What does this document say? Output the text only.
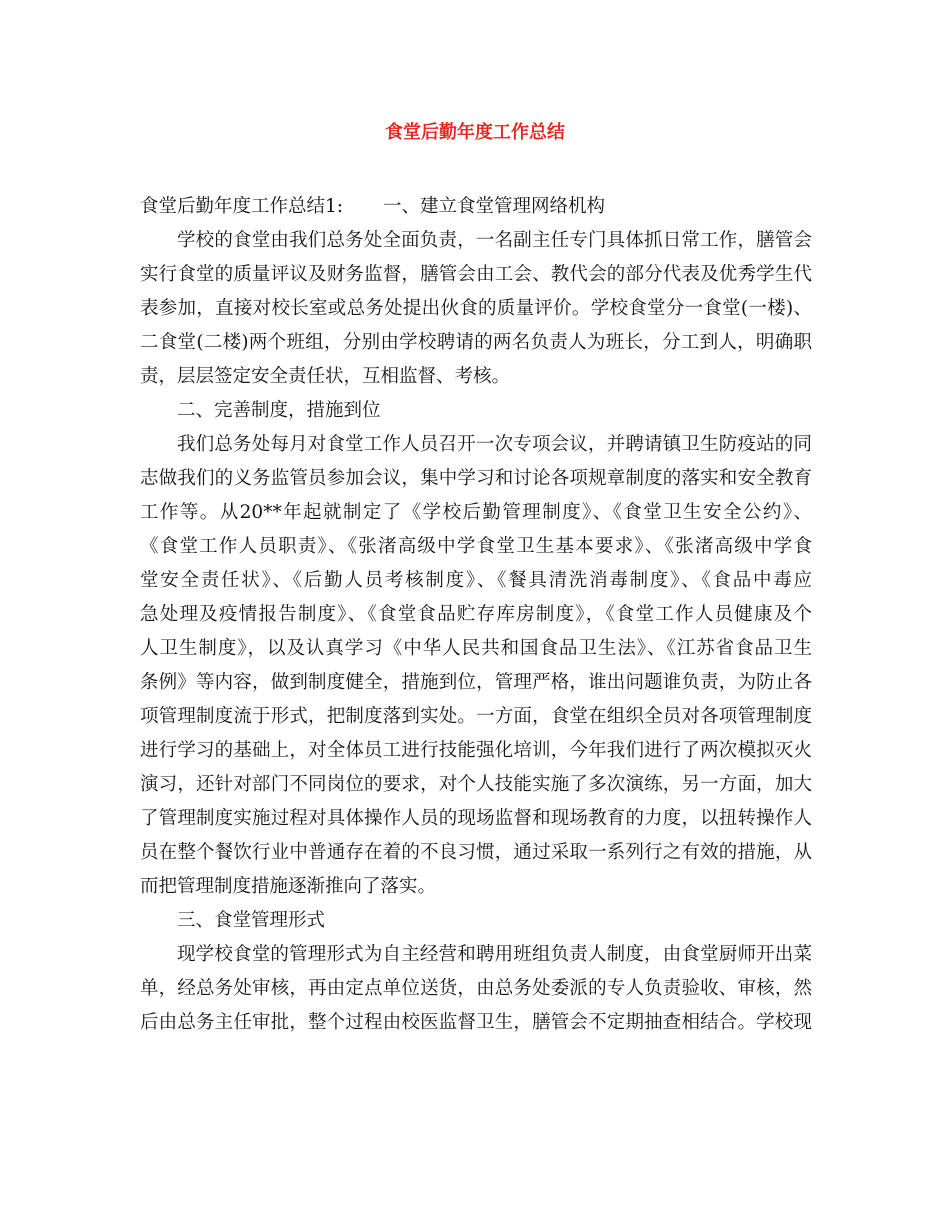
食堂后勤年度工作总结
食堂后勤年度工作总结1: 一、建立食堂管理网络机构
学校的食堂由我们总务处全面负责，一名副主任专门具体抓日常工作，膳管会
实行食堂的质量评议及财务监督，膳管会由工会、教代会的部分代表及优秀学生代
表参加，直接对校长室或总务处提出伙食的质量评价。学校食堂分一食堂(一楼)、
二食堂(二楼)两个班组，分别由学校聘请的两名负责人为班长，分工到人，明确职
责，层层签定安全责任状，互相监督、考核。
二、完善制度，措施到位
我们总务处每月对食堂工作人员召开一次专项会议，并聘请镇卫生防疫站的同
志做我们的义务监管员参加会议，集中学习和讨论各项规章制度的落实和安全教育
工作等。从20**年起就制定了《学校后勤管理制度》、《食堂卫生安全公约》、
《食堂工作人员职责》、《张渚高级中学食堂卫生基本要求》、《张渚高级中学食
堂安全责任状》、《后勤人员考核制度》、《餐具清洗消毒制度》、《食品中毒应
急处理及疫情报告制度》、《食堂食品贮存库房制度》，《食堂工作人员健康及个
人卫生制度》，以及认真学习《中华人民共和国食品卫生法》、《江苏省食品卫生
条例》等内容，做到制度健全，措施到位，管理严格，谁出问题谁负责，为防止各
项管理制度流于形式，把制度落到实处。一方面，食堂在组织全员对各项管理制度
进行学习的基础上，对全体员工进行技能强化培训，今年我们进行了两次模拟灭火
演习，还针对部门不同岗位的要求，对个人技能实施了多次演练，另一方面，加大
了管理制度实施过程对具体操作人员的现场监督和现场教育的力度，以扭转操作人
员在整个餐饮行业中普通存在着的不良习惯，通过采取一系列行之有效的措施，从
而把管理制度措施逐渐推向了落实。
三、食堂管理形式
现学校食堂的管理形式为自主经营和聘用班组负责人制度，由食堂厨师开出菜
单，经总务处审核，再由定点单位送货，由总务处委派的专人负责验收、审核，然
后由总务主任审批，整个过程由校医监督卫生，膳管会不定期抽查相结合。学校现
